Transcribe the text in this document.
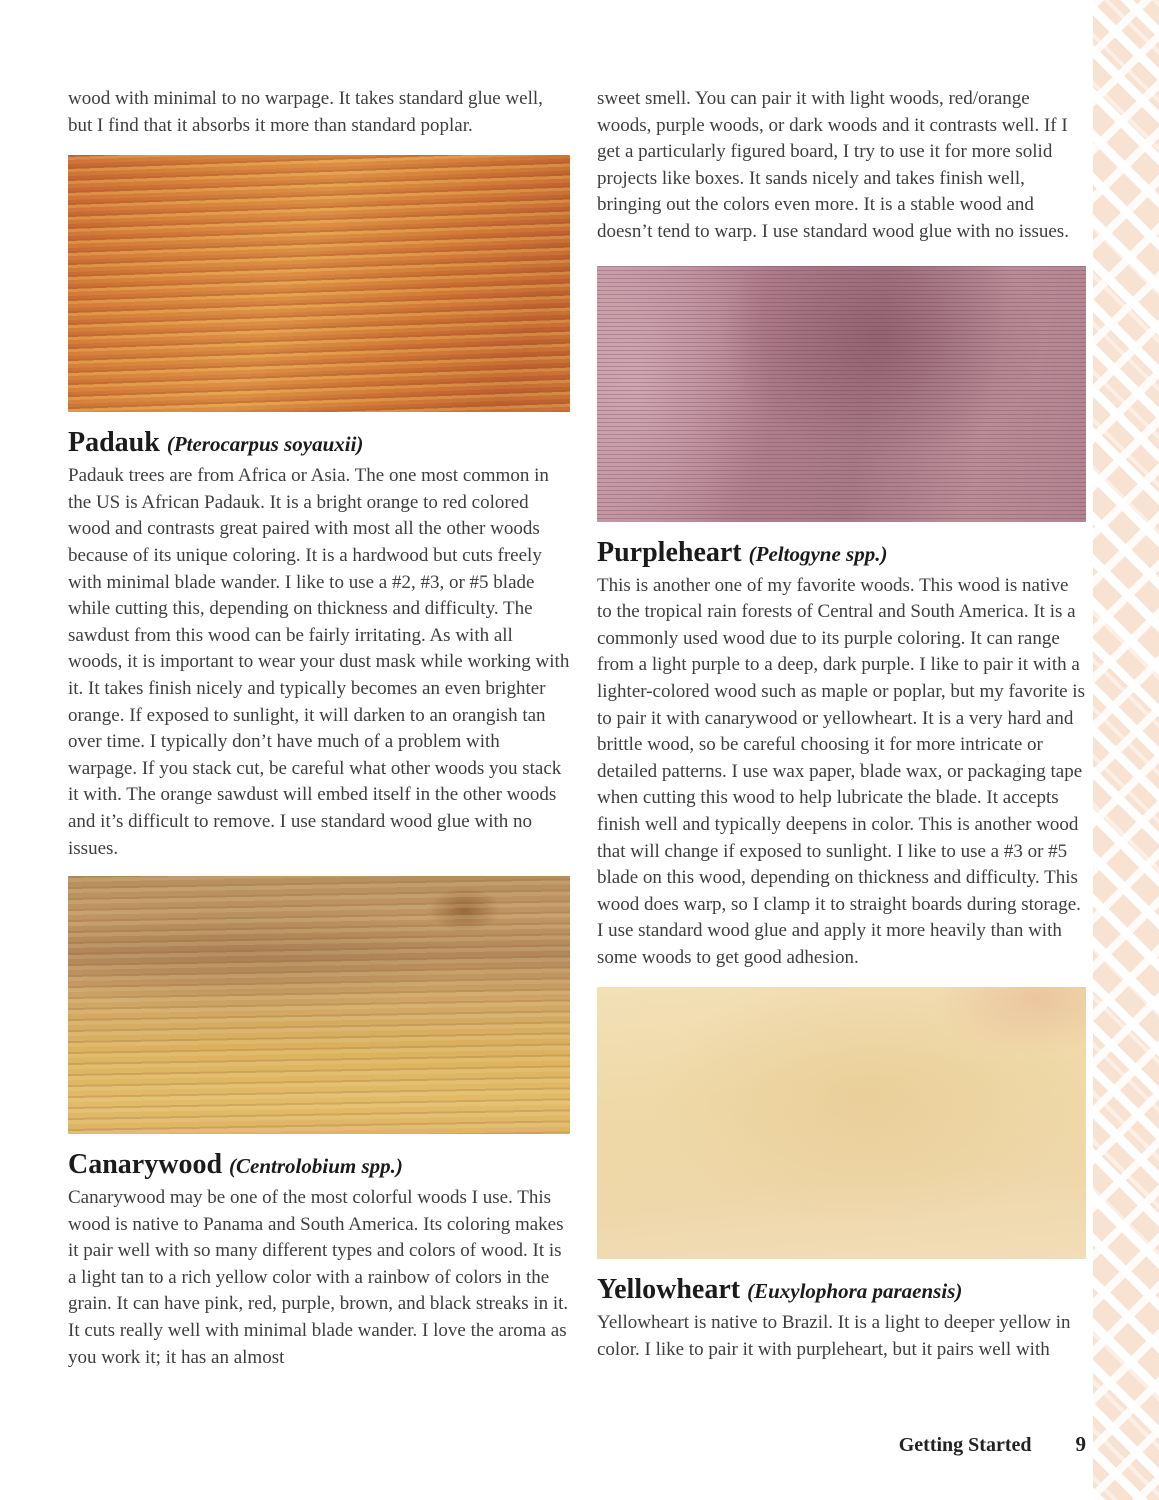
wood with minimal to no warpage. It takes standard glue well, but I find that it absorbs it more than standard poplar.

Padauk (Pterocarpus soyauxii)

Padauk trees are from Africa or Asia. The one most common in the US is African Padauk. It is a bright orange to red colored wood and contrasts great paired with most all the other woods because of its unique coloring. It is a hardwood but cuts freely with minimal blade wander. I like to use a #2, #3, or #5 blade while cutting this, depending on thickness and difficulty. The sawdust from this wood can be fairly irritating. As with all woods, it is important to wear your dust mask while working with it. It takes finish nicely and typically becomes an even brighter orange. If exposed to sunlight, it will darken to an orangish tan over time. I typically don’t have much of a problem with warpage. If you stack cut, be careful what other woods you stack it with. The orange sawdust will embed itself in the other woods and it’s difficult to remove. I use standard wood glue with no issues.

Canarywood (Centrolobium spp.)

Canarywood may be one of the most colorful woods I use. This wood is native to Panama and South America. Its coloring makes it pair well with so many different types and colors of wood. It is a light tan to a rich yellow color with a rainbow of colors in the grain. It can have pink, red, purple, brown, and black streaks in it. It cuts really well with minimal blade wander. I love the aroma as you work it; it has an almost

sweet smell. You can pair it with light woods, red/orange woods, purple woods, or dark woods and it contrasts well. If I get a particularly figured board, I try to use it for more solid projects like boxes. It sands nicely and takes finish well, bringing out the colors even more. It is a stable wood and doesn’t tend to warp. I use standard wood glue with no issues.

Purpleheart (Peltogyne spp.)

This is another one of my favorite woods. This wood is native to the tropical rain forests of Central and South America. It is a commonly used wood due to its purple coloring. It can range from a light purple to a deep, dark purple. I like to pair it with a lighter-colored wood such as maple or poplar, but my favorite is to pair it with canarywood or yellowheart. It is a very hard and brittle wood, so be careful choosing it for more intricate or detailed patterns. I use wax paper, blade wax, or packaging tape when cutting this wood to help lubricate the blade. It accepts finish well and typically deepens in color. This is another wood that will change if exposed to sunlight. I like to use a #3 or #5 blade on this wood, depending on thickness and difficulty. This wood does warp, so I clamp it to straight boards during storage. I use standard wood glue and apply it more heavily than with some woods to get good adhesion.

Yellowheart (Euxylophora paraensis)

Yellowheart is native to Brazil. It is a light to deeper yellow in color. I like to pair it with purpleheart, but it pairs well with

Getting Started 9
